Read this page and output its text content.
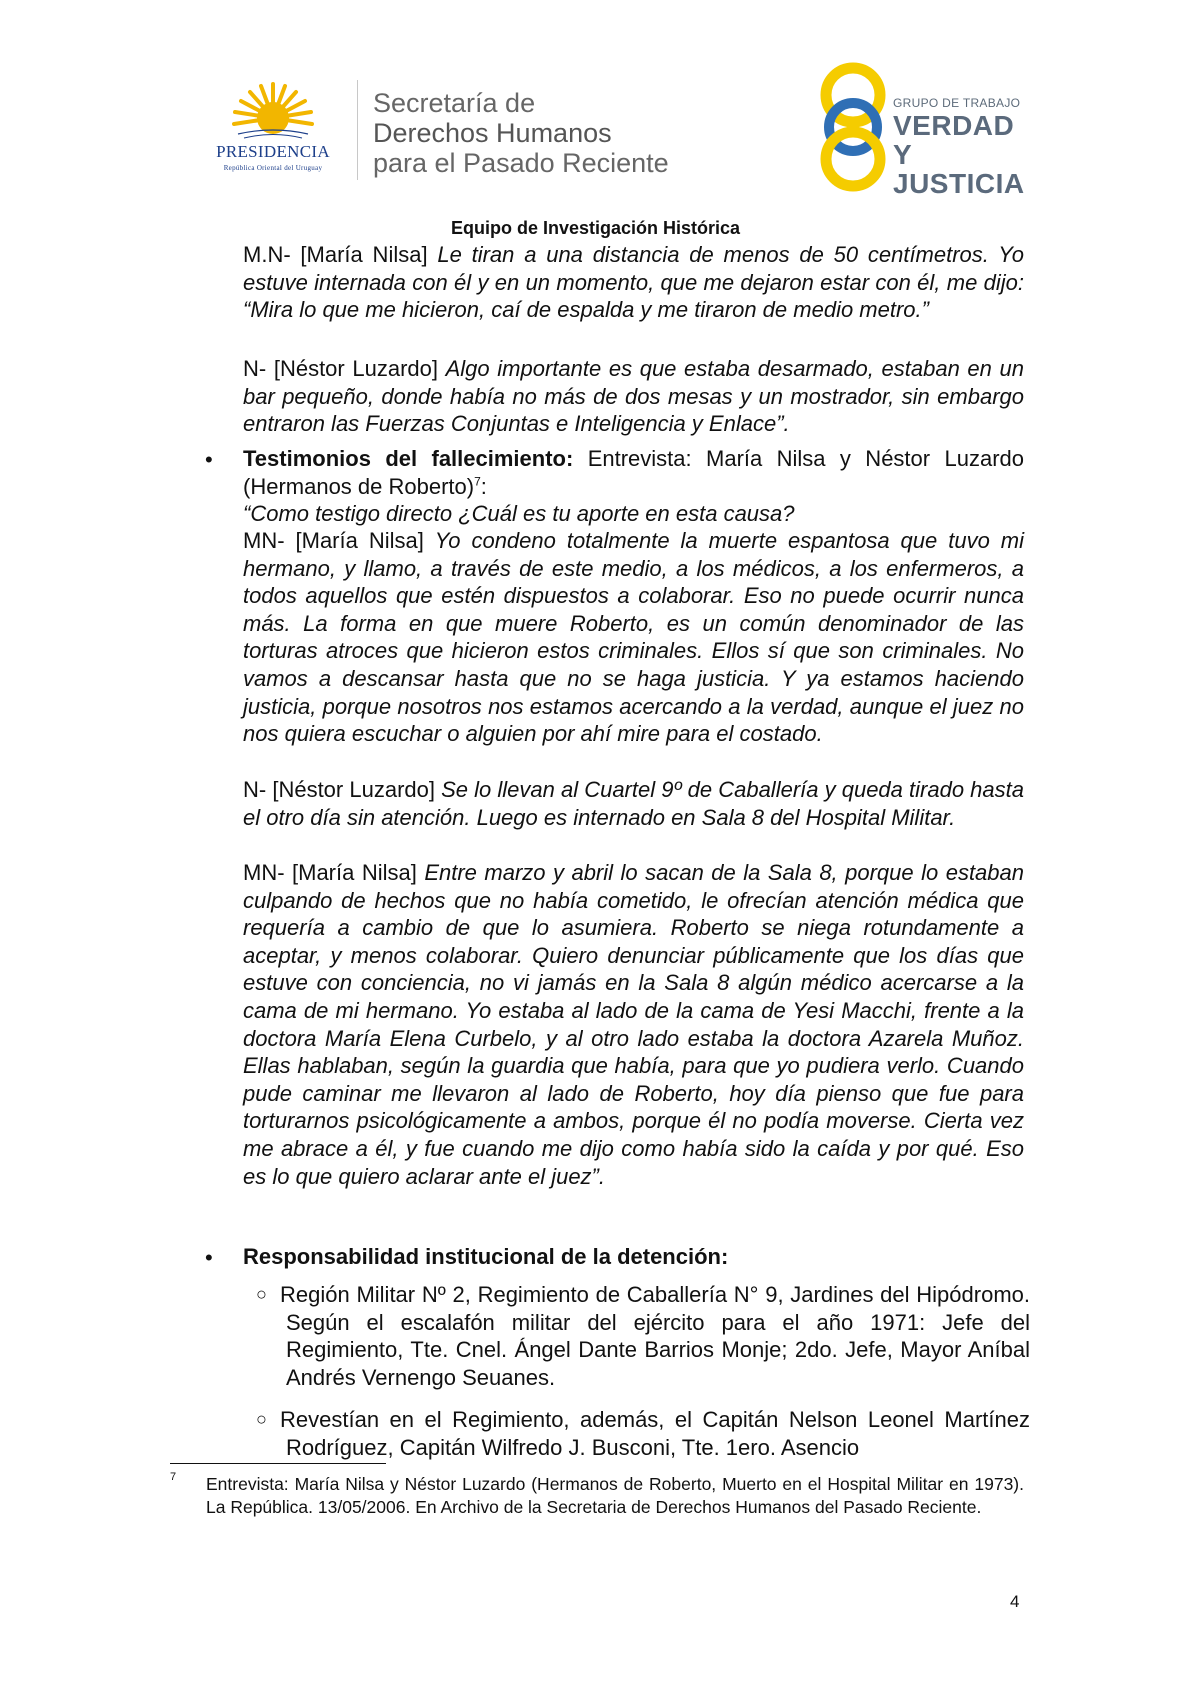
PRESIDENCIA
República Oriental del Uruguay
Secretaría de
Derechos Humanos
para el Pasado Reciente
GRUPO DE TRABAJO
VERDAD Y
JUSTICIA
Equipo de Investigación Histórica
M.N- [María Nilsa] Le tiran a una distancia de menos de 50 centímetros. Yo estuve internada con él y en un momento, que me dejaron estar con él, me dijo: “Mira lo que me hicieron, caí de espalda y me tiraron de medio metro.”
N- [Néstor Luzardo] Algo importante es que estaba desarmado, estaban en un bar pequeño, donde había no más de dos mesas y un mostrador, sin embargo entraron las Fuerzas Conjuntas e Inteligencia y Enlace”.
• Testimonios del fallecimiento: Entrevista: María Nilsa y Néstor Luzardo (Hermanos de Roberto)$^7$:
“Como testigo directo ¿Cuál es tu aporte en esta causa?
MN- [María Nilsa] Yo condeno totalmente la muerte espantosa que tuvo mi hermano, y llamo, a través de este medio, a los médicos, a los enfermeros, a todos aquellos que estén dispuestos a colaborar. Eso no puede ocurrir nunca más. La forma en que muere Roberto, es un común denominador de las torturas atroces que hicieron estos criminales. Ellos sí que son criminales. No vamos a descansar hasta que no se haga justicia. Y ya estamos haciendo justicia, porque nosotros nos estamos acercando a la verdad, aunque el juez no nos quiera escuchar o alguien por ahí mire para el costado.
N- [Néstor Luzardo] Se lo llevan al Cuartel 9º de Caballería y queda tirado hasta el otro día sin atención. Luego es internado en Sala 8 del Hospital Militar.
MN- [María Nilsa] Entre marzo y abril lo sacan de la Sala 8, porque lo estaban culpando de hechos que no había cometido, le ofrecían atención médica que requería a cambio de que lo asumiera. Roberto se niega rotundamente a aceptar, y menos colaborar. Quiero denunciar públicamente que los días que estuve con conciencia, no vi jamás en la Sala 8 algún médico acercarse a la cama de mi hermano. Yo estaba al lado de la cama de Yesi Macchi, frente a la doctora María Elena Curbelo, y al otro lado estaba la doctora Azarela Muñoz. Ellas hablaban, según la guardia que había, para que yo pudiera verlo. Cuando pude caminar me llevaron al lado de Roberto, hoy día pienso que fue para torturarnos psicológicamente a ambos, porque él no podía moverse. Cierta vez me abrace a él, y fue cuando me dijo como había sido la caída y por qué. Eso es lo que quiero aclarar ante el juez”.
• Responsabilidad institucional de la detención:
○ Región Militar Nº 2, Regimiento de Caballería N° 9, Jardines del Hipódromo. Según el escalafón militar del ejército para el año 1971: Jefe del Regimiento, Tte. Cnel. Ángel Dante Barrios Monje; 2do. Jefe, Mayor Aníbal Andrés Vernengo Seuanes.
○ Revestían en el Regimiento, además, el Capitán Nelson Leonel Martínez Rodríguez, Capitán Wilfredo J. Busconi, Tte. 1ero. Asencio
7 Entrevista: María Nilsa y Néstor Luzardo (Hermanos de Roberto, Muerto en el Hospital Militar en 1973). La República. 13/05/2006. En Archivo de la Secretaria de Derechos Humanos del Pasado Reciente.
4
